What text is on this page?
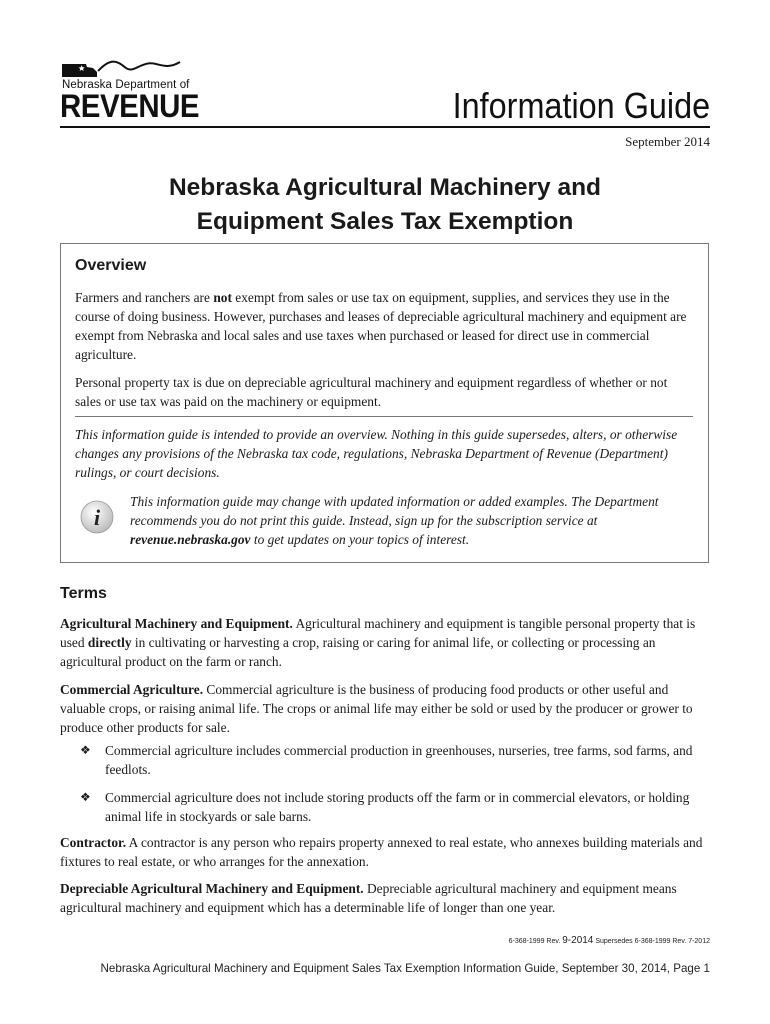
Nebraska Department of
REVENUE	Information Guide
September 2014
Nebraska Agricultural Machinery and
Equipment Sales Tax Exemption
Overview
Farmers and ranchers are not exempt from sales or use tax on equipment, supplies, and services they use in the course of doing business. However, purchases and leases of depreciable agricultural machinery and equipment are exempt from Nebraska and local sales and use taxes when purchased or leased for direct use in commercial agriculture.
Personal property tax is due on depreciable agricultural machinery and equipment regardless of whether or not sales or use tax was paid on the machinery or equipment.
This information guide is intended to provide an overview. Nothing in this guide supersedes, alters, or otherwise changes any provisions of the Nebraska tax code, regulations, Nebraska Department of Revenue (Department) rulings, or court decisions.
i
This information guide may change with updated information or added examples. The Department recommends you do not print this guide. Instead, sign up for the subscription service at revenue.nebraska.gov to get updates on your topics of interest.
Terms
Agricultural Machinery and Equipment. Agricultural machinery and equipment is tangible personal property that is used directly in cultivating or harvesting a crop, raising or caring for animal life, or collecting or processing an agricultural product on the farm or ranch.
Commercial Agriculture. Commercial agriculture is the business of producing food products or other useful and valuable crops, or raising animal life. The crops or animal life may either be sold or used by the producer or grower to produce other products for sale.
❖ Commercial agriculture includes commercial production in greenhouses, nurseries, tree farms, sod farms, and feedlots.
❖ Commercial agriculture does not include storing products off the farm or in commercial elevators, or holding animal life in stockyards or sale barns.
Contractor. A contractor is any person who repairs property annexed to real estate, who annexes building materials and fixtures to real estate, or who arranges for the annexation.
Depreciable Agricultural Machinery and Equipment. Depreciable agricultural machinery and equipment means agricultural machinery and equipment which has a determinable life of longer than one year.
6-368-1999 Rev. 9-2014 Supersedes 6-368-1999 Rev. 7-2012
Nebraska Agricultural Machinery and Equipment Sales Tax Exemption Information Guide, September 30, 2014, Page 1
